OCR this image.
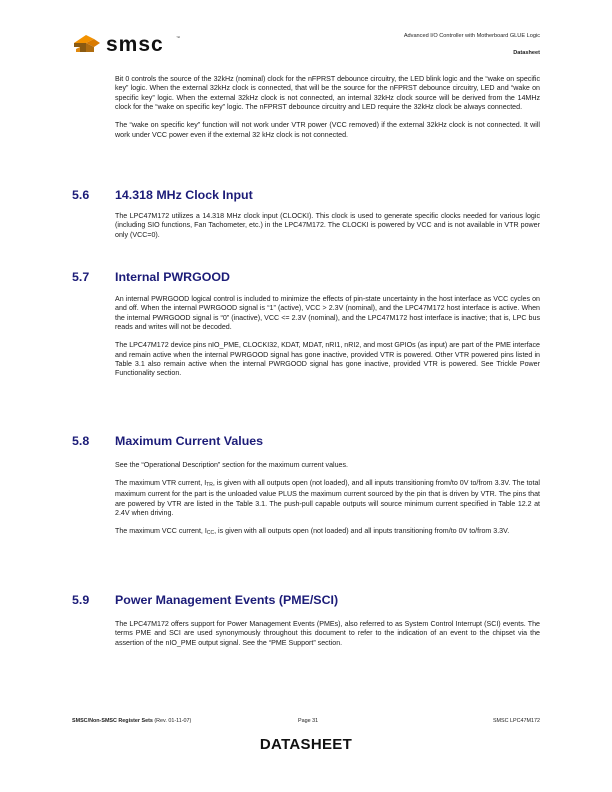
smsc	™	Advanced I/O Controller with Motherboard GLUE Logic
Datasheet

Bit 0 controls the source of the 32kHz (nominal) clock for the nFPRST debounce circuitry, the LED blink logic and the “wake on specific key” logic. When the external 32kHz clock is connected, that will be the source for the nFPRST debounce circuitry, LED and “wake on specific key” logic. When the external 32kHz clock is not connected, an internal 32kHz clock source will be derived from the 14MHz clock for the “wake on specific key” logic. The nFPRST debounce circuitry and LED require the 32kHz clock be always connected.

The “wake on specific key” function will not work under VTR power (VCC removed) if the external 32kHz clock is not connected. It will work under VCC power even if the external 32 kHz clock is not connected.

5.6 14.318 MHz Clock Input

The LPC47M172 utilizes a 14.318 MHz clock input (CLOCKI). This clock is used to generate specific clocks needed for various logic (including SIO functions, Fan Tachometer, etc.) in the LPC47M172. The CLOCKI is powered by VCC and is not available in VTR power only (VCC=0).

5.7 Internal PWRGOOD

An internal PWRGOOD logical control is included to minimize the effects of pin-state uncertainty in the host interface as VCC cycles on and off. When the internal PWRGOOD signal is “1” (active), VCC > 2.3V (nominal), and the LPC47M172 host interface is active. When the internal PWRGOOD signal is “0” (inactive), VCC <= 2.3V (nominal), and the LPC47M172 host interface is inactive; that is, LPC bus reads and writes will not be decoded.

The LPC47M172 device pins nIO_PME, CLOCKI32, KDAT, MDAT, nRI1, nRI2, and most GPIOs (as input) are part of the PME interface and remain active when the internal PWRGOOD signal has gone inactive, provided VTR is powered. Other VTR powered pins listed in Table 3.1 also remain active when the internal PWRGOOD signal has gone inactive, provided VTR is powered. See Trickle Power Functionality section.

5.8 Maximum Current Values

See the “Operational Description” section for the maximum current values.

The maximum VTR current, $I_{TR}$, is given with all outputs open (not loaded), and all inputs transitioning from/to 0V to/from 3.3V. The total maximum current for the part is the unloaded value PLUS the maximum current sourced by the pin that is driven by VTR. The pins that are powered by VTR are listed in the Table 3.1. The push-pull capable outputs will source minimum current specified in Table 12.2 at 2.4V when driving.

The maximum VCC current, $I_{CC}$, is given with all outputs open (not loaded) and all inputs transitioning from/to 0V to/from 3.3V.

5.9 Power Management Events (PME/SCI)

The LPC47M172 offers support for Power Management Events (PMEs), also referred to as System Control Interrupt (SCI) events. The terms PME and SCI are used synonymously throughout this document to refer to the indication of an event to the chipset via the assertion of the nIO_PME output signal. See the “PME Support” section.

SMSC/Non-SMSC Register Sets (Rev. 01-11-07)	Page 31	SMSC LPC47M172
DATASHEET
